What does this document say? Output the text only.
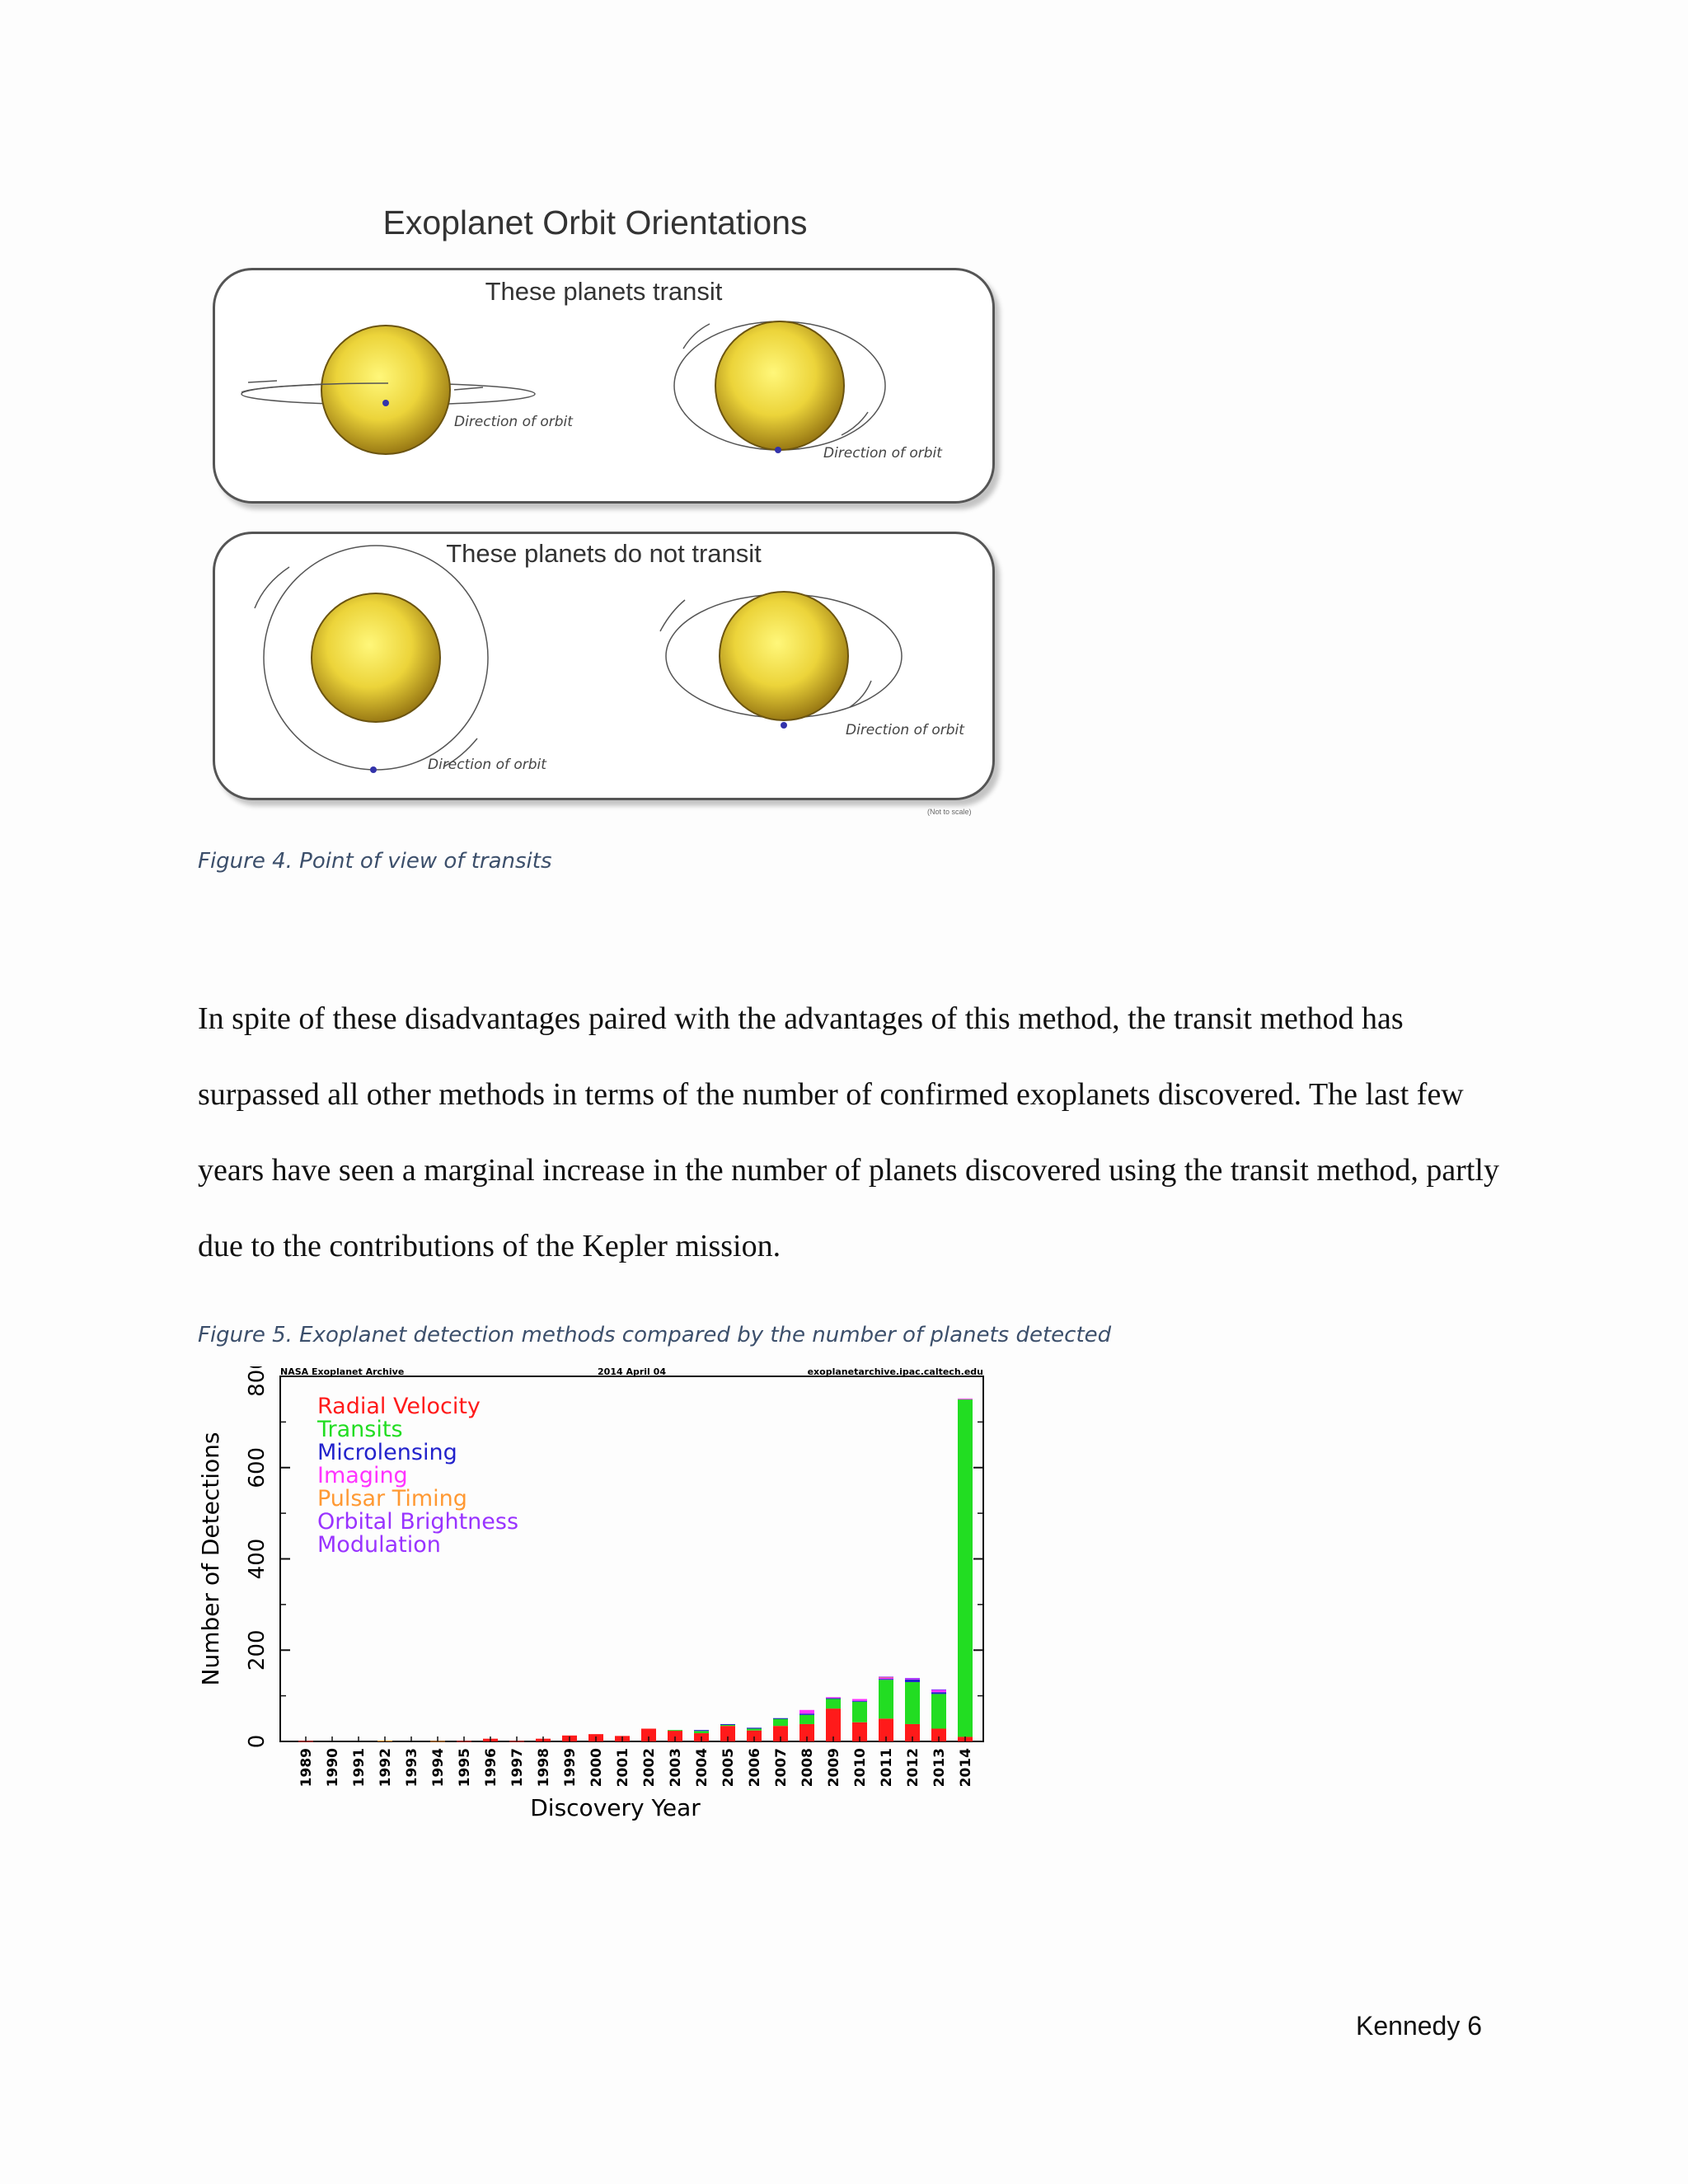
Exoplanet Orbit Orientations
These planets transit
Direction of orbit
Direction of orbit
These planets do not transit
Direction of orbit
Direction of orbit
(Not to scale)
Figure 4. Point of view of transits
In spite of these disadvantages paired with the advantages of this method, the transit method has surpassed all other methods in terms of the number of confirmed exoplanets discovered. The last few years have seen a marginal increase in the number of planets discovered using the transit method, partly due to the contributions of the Kepler mission.
Figure 5. Exoplanet detection methods compared by the number of planets detected
NASA Exoplanet Archive	2014 April 04	exoplanetarchive.ipac.caltech.edu
0
200
400
600
800
Number of Detections
1989 1990 1991 1992 1993 1994 1995 1996 1997 1998 1999 2000 2001 2002 2003 2004 2005 2006 2007 2008 2009 2010 2011 2012 2013 2014
Discovery Year
Radial Velocity
Transits
Microlensing
Imaging
Pulsar Timing
Orbital Brightness
Modulation
Kennedy 6
